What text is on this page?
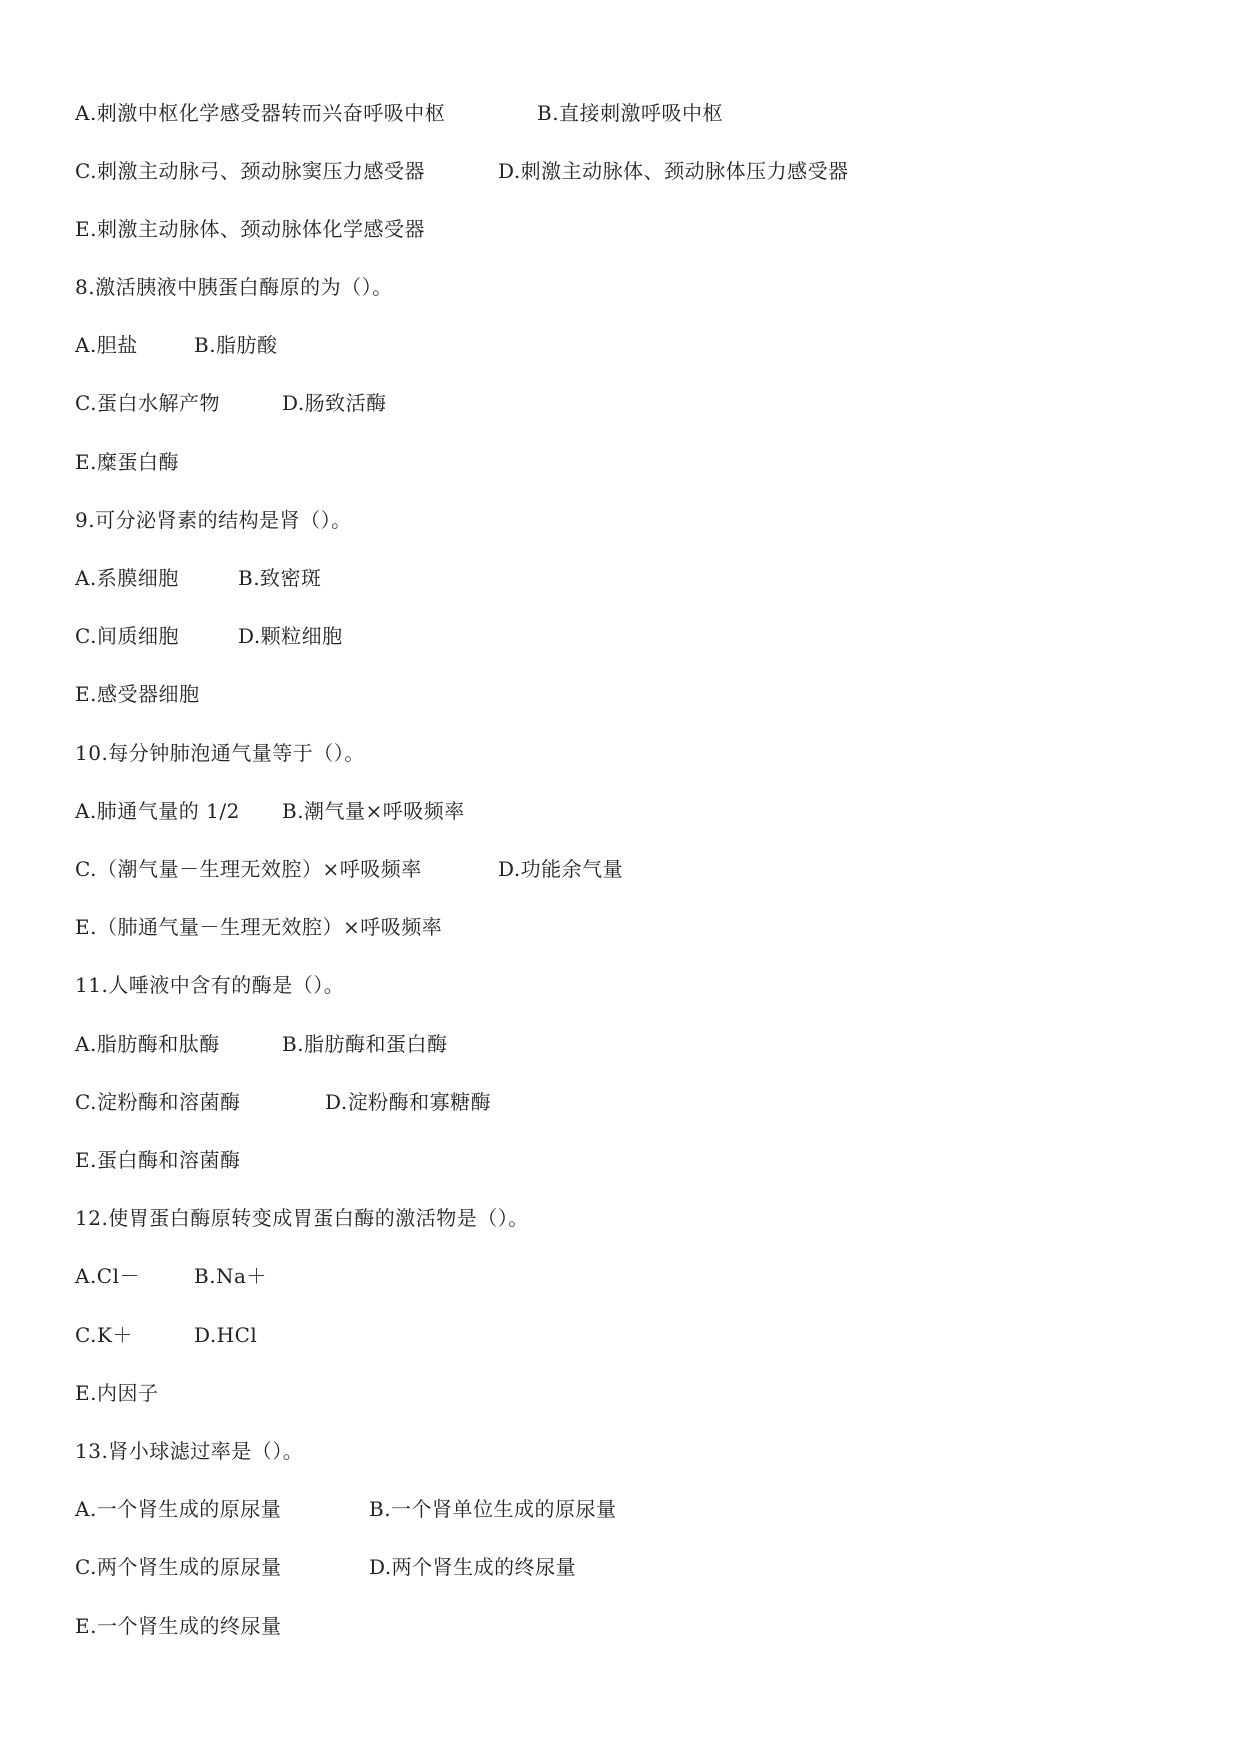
A.刺激中枢化学感受器转而兴奋呼吸中枢	B.直接刺激呼吸中枢
C.刺激主动脉弓、颈动脉窦压力感受器	D.刺激主动脉体、颈动脉体压力感受器
E.刺激主动脉体、颈动脉体化学感受器
8.激活胰液中胰蛋白酶原的为（）。
A.胆盐	B.脂肪酸
C.蛋白水解产物	D.肠致活酶
E.糜蛋白酶
9.可分泌肾素的结构是肾（）。
A.系膜细胞	B.致密斑
C.间质细胞	D.颗粒细胞
E.感受器细胞
10.每分钟肺泡通气量等于（）。
A.肺通气量的 1/2 B.潮气量×呼吸频率
C.（潮气量－生理无效腔）×呼吸频率	D.功能余气量
E.（肺通气量－生理无效腔）×呼吸频率
11.人唾液中含有的酶是（）。
A.脂肪酶和肽酶	B.脂肪酶和蛋白酶
C.淀粉酶和溶菌酶	D.淀粉酶和寡糖酶
E.蛋白酶和溶菌酶
12.使胃蛋白酶原转变成胃蛋白酶的激活物是（）。
A.Cl－	B.Na＋
C.K＋	D.HCl
E.内因子
13.肾小球滤过率是（）。
A.一个肾生成的原尿量	B.一个肾单位生成的原尿量
C.两个肾生成的原尿量	D.两个肾生成的终尿量
E.一个肾生成的终尿量
